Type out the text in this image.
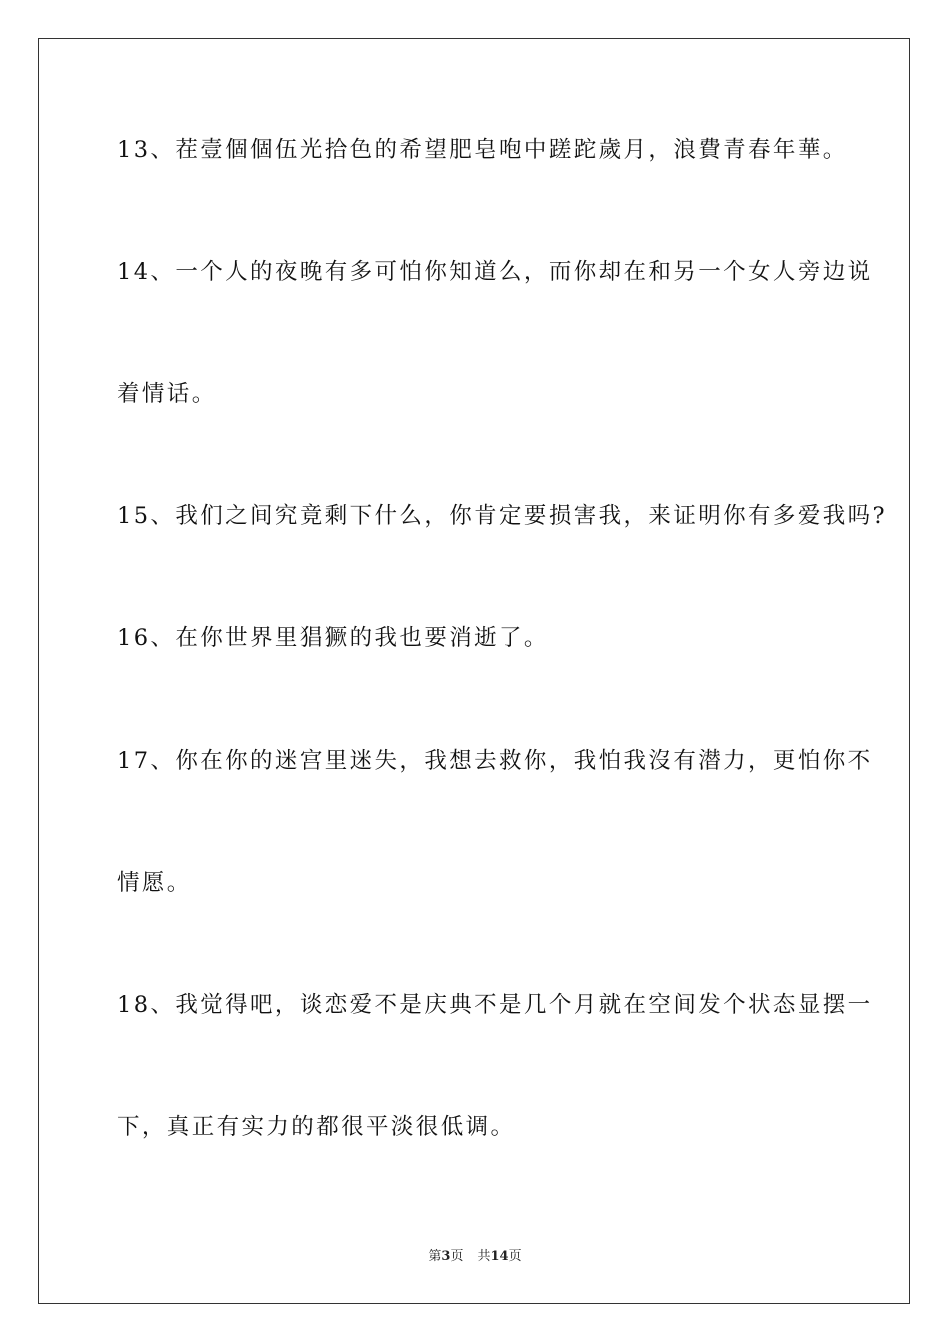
13、茬壹個個伍光拾色的希望肥皂咆中蹉跎歲月，浪費青春年華。
14、一个人的夜晚有多可怕你知道么，而你却在和另一个女人旁边说
着情话。
15、我们之间究竟剩下什么，你肯定要损害我，来证明你有多爱我吗?
16、在你世界里猖獗的我也要消逝了。
17、你在你的迷宫里迷失，我想去救你，我怕我沒有潜力，更怕你不
情愿。
18、我觉得吧，谈恋爱不是庆典不是几个月就在空间发个状态显摆一
下，真正有实力的都很平淡很低调。
第3页 共14页
